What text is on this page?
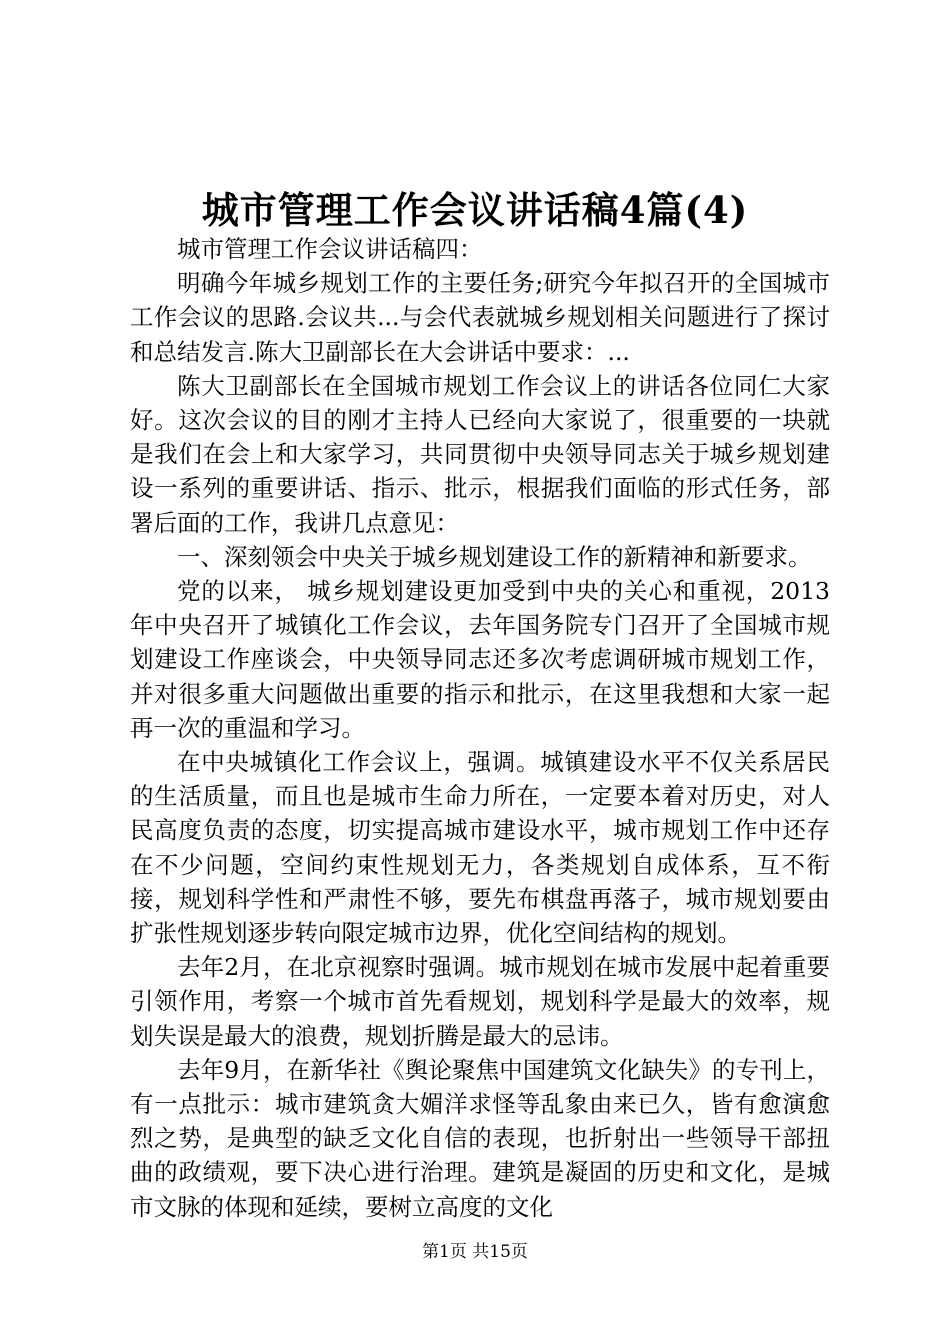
城市管理工作会议讲话稿4篇(4)

城市管理工作会议讲话稿四：

明确今年城乡规划工作的主要任务;研究今年拟召开的全国城市工作会议的思路.会议共...与会代表就城乡规划相关问题进行了探讨和总结发言.陈大卫副部长在大会讲话中要求：...

陈大卫副部长在全国城市规划工作会议上的讲话各位同仁大家好。这次会议的目的刚才主持人已经向大家说了，很重要的一块就是我们在会上和大家学习，共同贯彻中央领导同志关于城乡规划建设一系列的重要讲话、指示、批示，根据我们面临的形式任务，部署后面的工作，我讲几点意见：

一、深刻领会中央关于城乡规划建设工作的新精神和新要求。

党的以来， 城乡规划建设更加受到中央的关心和重视，2013年中央召开了城镇化工作会议，去年国务院专门召开了全国城市规划建设工作座谈会，中央领导同志还多次考虑调研城市规划工作，并对很多重大问题做出重要的指示和批示，在这里我想和大家一起再一次的重温和学习。

在中央城镇化工作会议上，强调。城镇建设水平不仅关系居民的生活质量，而且也是城市生命力所在，一定要本着对历史，对人民高度负责的态度，切实提高城市建设水平，城市规划工作中还存在不少问题，空间约束性规划无力，各类规划自成体系，互不衔接，规划科学性和严肃性不够，要先布棋盘再落子，城市规划要由扩张性规划逐步转向限定城市边界，优化空间结构的规划。

去年2月，在北京视察时强调。城市规划在城市发展中起着重要引领作用，考察一个城市首先看规划，规划科学是最大的效率，规划失误是最大的浪费，规划折腾是最大的忌讳。

去年9月，在新华社《舆论聚焦中国建筑文化缺失》的专刊上，有一点批示：城市建筑贪大媚洋求怪等乱象由来已久，皆有愈演愈烈之势，是典型的缺乏文化自信的表现，也折射出一些领导干部扭曲的政绩观，要下决心进行治理。建筑是凝固的历史和文化，是城市文脉的体现和延续，要树立高度的文化

第1页 共15页
